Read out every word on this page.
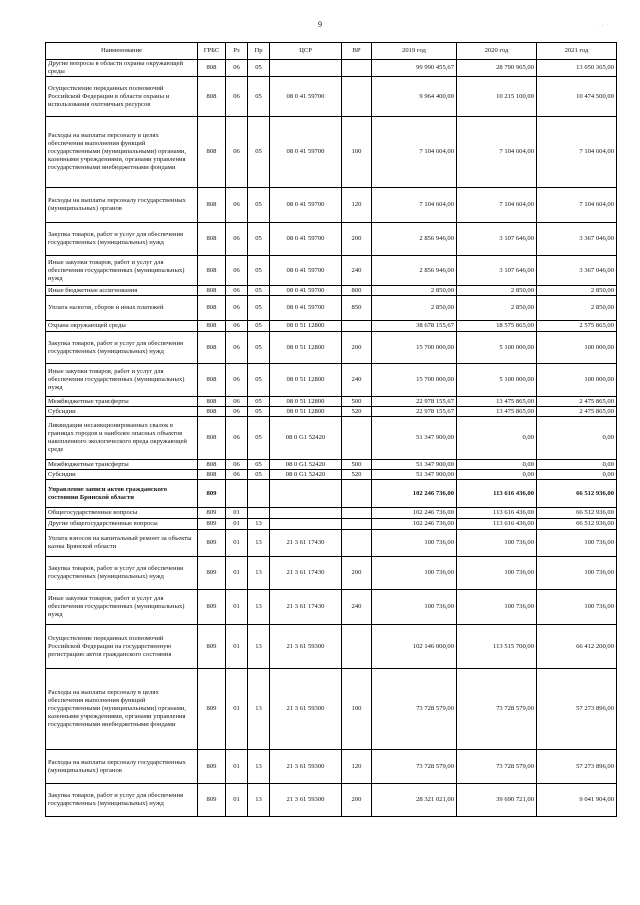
9	· . ·
Наименование	ГРБС	Рз	Пр	ЦСР	ВР	2019 год	2020 год	2021 год
Другие вопросы в области охраны окружающей среды	808	06	05			99 990 455,67	28 790 965,00	13 050 365,00
Осуществление переданных полномочий Российской Федерации в области охраны и использования охотничьих ресурсов	808	06	05	08 0 41 59700		9 964 400,00	10 215 100,00	10 474 500,00
Расходы на выплаты персоналу в целях обеспечения выполнения функций государственными (муниципальными) органами, казенными учреждениями, органами управления государственными внебюджетными фондами	808	06	05	08 0 41 59700	100	7 104 604,00	7 104 604,00	7 104 604,00
Расходы на выплаты персоналу государственных (муниципальных) органов	808	06	05	08 0 41 59700	120	7 104 604,00	7 104 604,00	7 104 604,00
Закупка товаров, работ и услуг для обеспечения государственных (муниципальных) нужд	808	06	05	08 0 41 59700	200	2 856 946,00	3 107 646,00	3 367 046,00
Иные закупки товаров, работ и услуг для обеспечения государственных (муниципальных) нужд	808	06	05	08 0 41 59700	240	2 856 946,00	3 107 646,00	3 367 046,00
Иные бюджетные ассигнования	808	06	05	08 0 41 59700	800	2 850,00	2 850,00	2 850,00
Уплата налогов, сборов и иных платежей	808	06	05	08 0 41 59700	850	2 850,00	2 850,00	2 850,00
Охрана окружающей среды	808	06	05	08 0 51 12800		38 678 155,67	18 575 865,00	2 575 865,00
Закупка товаров, работ и услуг для обеспечения государственных (муниципальных) нужд	808	06	05	08 0 51 12800	200	15 700 000,00	5 100 000,00	100 000,00
Иные закупки товаров, работ и услуг для обеспечения государственных (муниципальных) нужд	808	06	05	08 0 51 12800	240	15 700 000,00	5 100 000,00	100 000,00
Межбюджетные трансферты	808	06	05	08 0 51 12800	500	22 978 155,67	13 475 865,00	2 475 865,00
Субсидии	808	06	05	08 0 51 12800	520	22 978 155,67	13 475 865,00	2 475 865,00
Ликвидация несанкционированных свалок в границах городов и наиболее опасных объектов накопленного экологического вреда окружающей среде	808	06	05	08 0 G1 52420		51 347 900,00	0,00	0,00
Межбюджетные трансферты	808	06	05	08 0 G1 52420	500	51 347 900,00	0,00	0,00
Субсидии	808	06	05	08 0 G1 52420	520	51 347 900,00	0,00	0,00
Управление записи актов гражданского состояния Брянской области	809					102 246 736,00	113 616 436,00	66 512 936,00
Общегосударственные вопросы	809	01				102 246 736,00	113 616 436,00	66 512 936,00
Другие общегосударственные вопросы	809	01	13			102 246 736,00	113 616 436,00	66 512 936,00
Уплата взносов на капитальный ремонт за объекты казны Брянской области	809	01	13	21 3 61 17430		100 736,00	100 736,00	100 736,00
Закупка товаров, работ и услуг для обеспечения государственных (муниципальных) нужд	809	01	13	21 3 61 17430	200	100 736,00	100 736,00	100 736,00
Иные закупки товаров, работ и услуг для обеспечения государственных (муниципальных) нужд	809	01	13	21 3 61 17430	240	100 736,00	100 736,00	100 736,00
Осуществление переданных полномочий Российской Федерации на государственную регистрацию актов гражданского состояния	809	01	13	21 3 61 59300		102 146 000,00	113 515 700,00	66 412 200,00
Расходы на выплаты персоналу в целях обеспечения выполнения функций государственными (муниципальными) органами, казенными учреждениями, органами управления государственными внебюджетными фондами	809	01	13	21 3 61 59300	100	73 728 579,00	73 728 579,00	57 273 896,00
Расходы на выплаты персоналу государственных (муниципальных) органов	809	01	13	21 3 61 59300	120	73 728 579,00	73 728 579,00	57 273 896,00
Закупка товаров, работ и услуг для обеспечения государственных (муниципальных) нужд	809	01	13	21 3 61 59300	200	28 321 021,00	39 690 721,00	9 041 904,00
